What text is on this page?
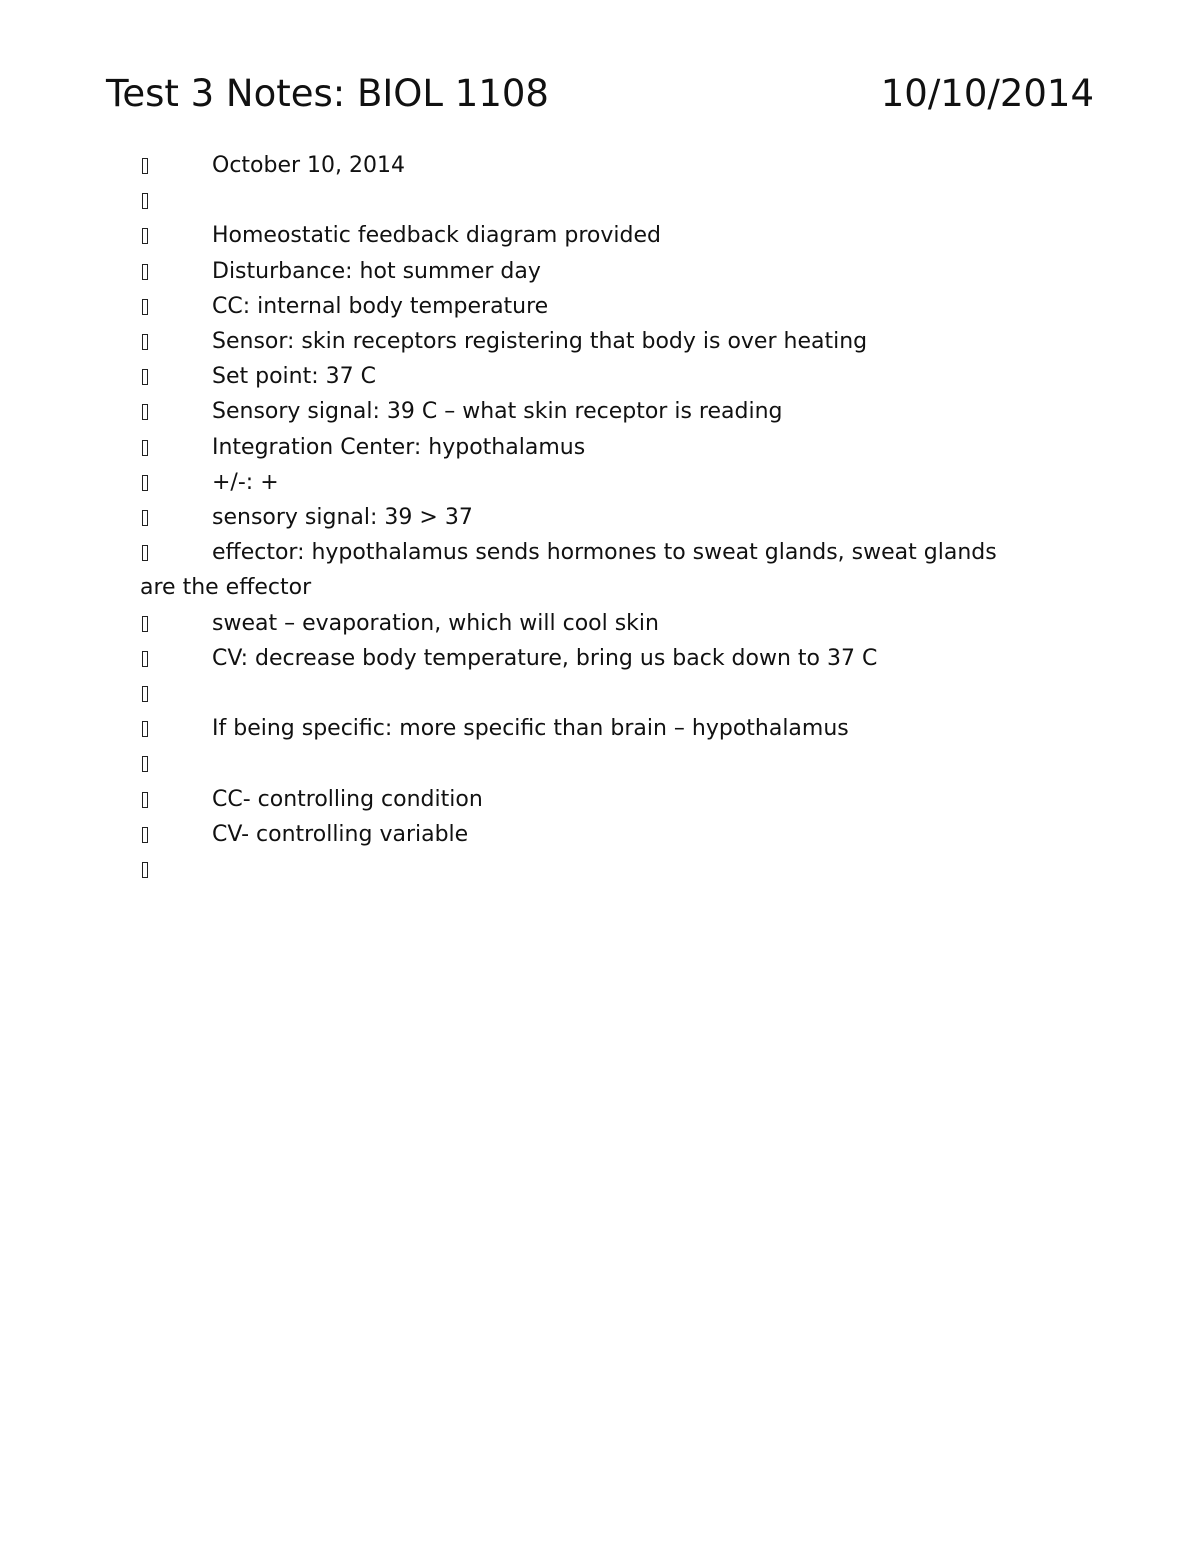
Test 3 Notes: BIOL 1108	10/10/2014
October 10, 2014
Homeostatic feedback diagram provided
Disturbance: hot summer day
CC: internal body temperature
Sensor: skin receptors registering that body is over heating
Set point: 37 C
Sensory signal: 39 C – what skin receptor is reading
Integration Center: hypothalamus
+/-: +
sensory signal: 39 > 37
effector: hypothalamus sends hormones to sweat glands, sweat glands
are the effector
sweat – evaporation, which will cool skin
CV: decrease body temperature, bring us back down to 37 C
If being specific: more specific than brain – hypothalamus
CC- controlling condition
CV- controlling variable
